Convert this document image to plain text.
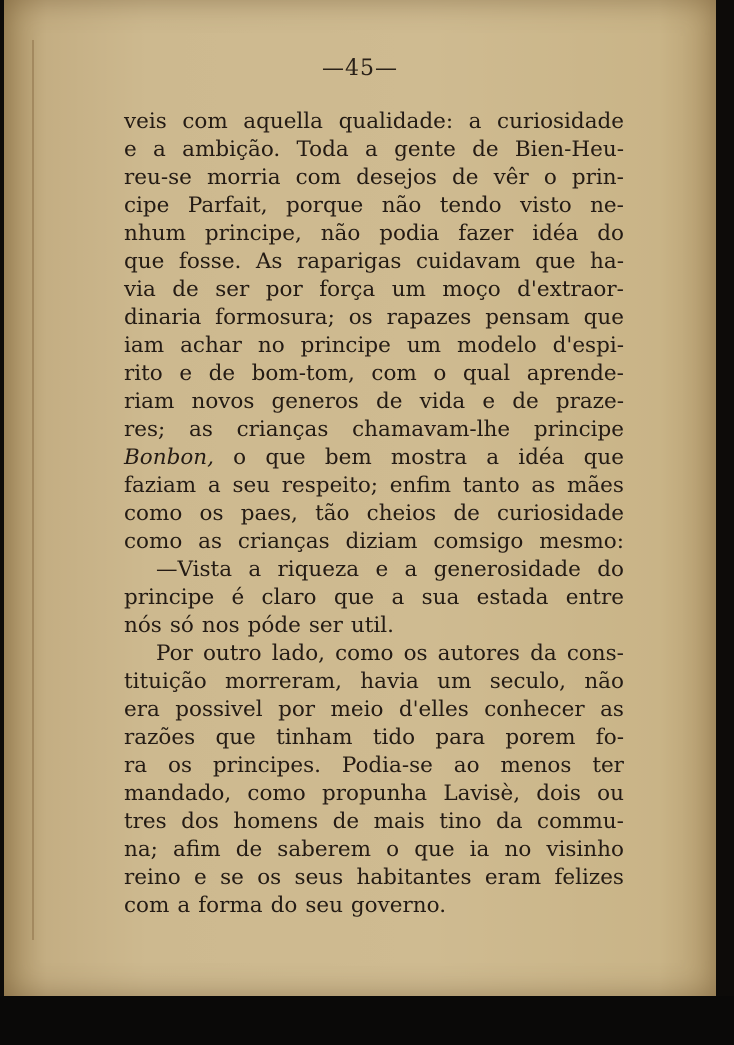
—45—
veis com aquella qualidade: a curiosidade
e a ambição. Toda a gente de Bien-Heu-
reu-se morria com desejos de vêr o prin-
cipe Parfait, porque não tendo visto ne-
nhum principe, não podia fazer idéa do
que fosse. As raparigas cuidavam que ha-
via de ser por força um moço d'extraor-
dinaria formosura; os rapazes pensam que
iam achar no principe um modelo d'espi-
rito e de bom-tom, com o qual aprende-
riam novos generos de vida e de praze-
res; as crianças chamavam-lhe principe
Bonbon, o que bem mostra a idéa que
faziam a seu respeito; enfim tanto as mães
como os paes, tão cheios de curiosidade
como as crianças diziam comsigo mesmo:
—Vista a riqueza e a generosidade do
principe é claro que a sua estada entre
nós só nos póde ser util.
Por outro lado, como os autores da cons-
tituição morreram, havia um seculo, não
era possivel por meio d'elles conhecer as
razões que tinham tido para porem fo-
ra os principes. Podia-se ao menos ter
mandado, como propunha Lavisè, dois ou
tres dos homens de mais tino da commu-
na; afim de saberem o que ia no visinho
reino e se os seus habitantes eram felizes
com a forma do seu governo.
